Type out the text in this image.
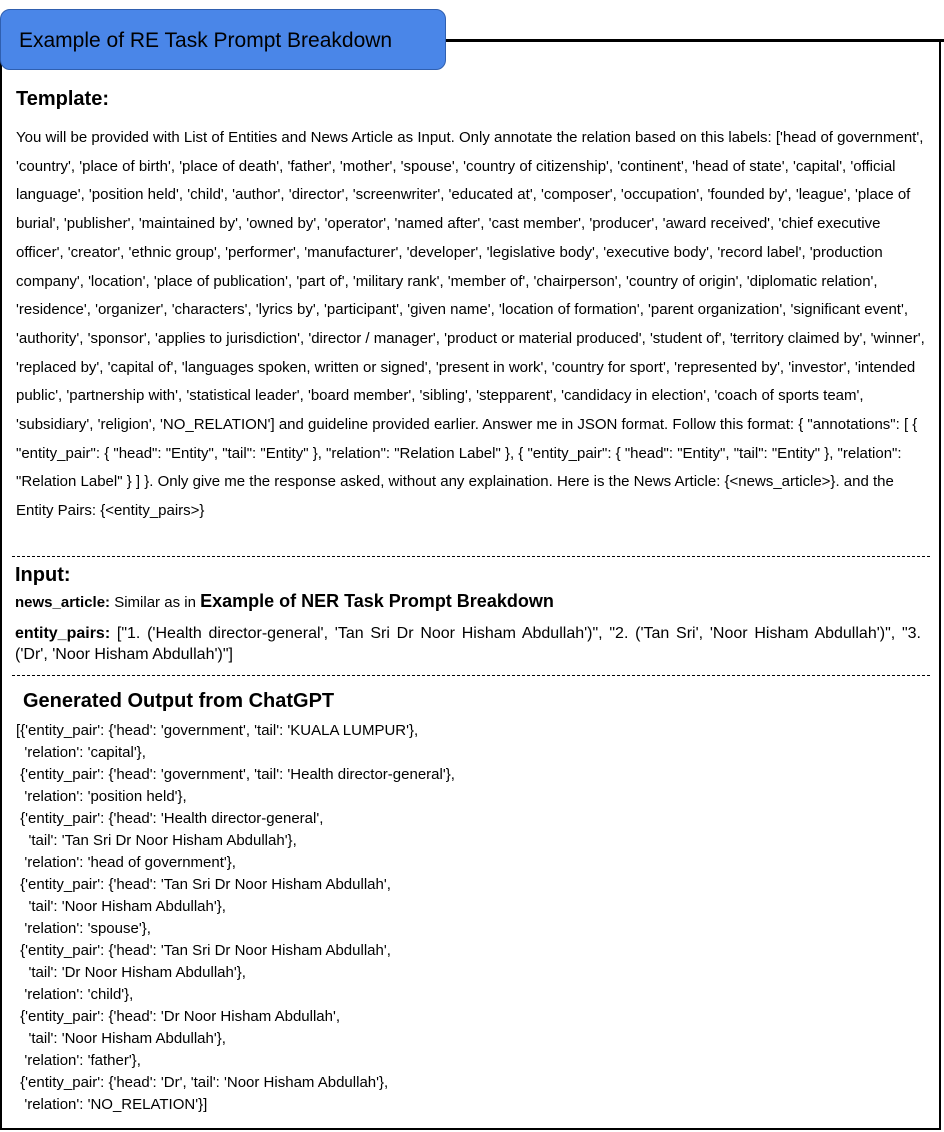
Example of RE Task Prompt Breakdown
Template:
You will be provided with List of Entities and News Article as Input. Only annotate the relation based on this labels: ['head of government', 'country', 'place of birth', 'place of death', 'father', 'mother', 'spouse', 'country of citizenship', 'continent', 'head of state', 'capital', 'official language', 'position held', 'child', 'author', 'director', 'screenwriter', 'educated at', 'composer', 'occupation', 'founded by', 'league', 'place of burial', 'publisher', 'maintained by', 'owned by', 'operator', 'named after', 'cast member', 'producer', 'award received', 'chief executive officer', 'creator', 'ethnic group', 'performer', 'manufacturer', 'developer', 'legislative body', 'executive body', 'record label', 'production company', 'location', 'place of publication', 'part of', 'military rank', 'member of', 'chairperson', 'country of origin', 'diplomatic relation', 'residence', 'organizer', 'characters', 'lyrics by', 'participant', 'given name', 'location of formation', 'parent organization', 'significant event', 'authority', 'sponsor', 'applies to jurisdiction', 'director / manager', 'product or material produced', 'student of', 'territory claimed by', 'winner', 'replaced by', 'capital of', 'languages spoken, written or signed', 'present in work', 'country for sport', 'represented by', 'investor', 'intended public', 'partnership with', 'statistical leader', 'board member', 'sibling', 'stepparent', 'candidacy in election', 'coach of sports team', 'subsidiary', 'religion', 'NO_RELATION'] and guideline provided earlier. Answer me in JSON format. Follow this format: { "annotations": [ { "entity_pair": { "head": "Entity", "tail": "Entity" }, "relation": "Relation Label" }, { "entity_pair": { "head": "Entity", "tail": "Entity" }, "relation": "Relation Label" } ] }. Only give me the response asked, without any explaination. Here is the News Article: {<news_article>}. and the Entity Pairs: {<entity_pairs>}
Input:
news_article: Similar as in Example of NER Task Prompt Breakdown
entity_pairs: ["1. ('Health director-general', 'Tan Sri Dr Noor Hisham Abdullah')", "2. ('Tan Sri', 'Noor Hisham Abdullah')", "3. ('Dr', 'Noor Hisham Abdullah')"]
Generated Output from ChatGPT
[{'entity_pair': {'head': 'government', 'tail': 'KUALA LUMPUR'},
'relation': 'capital'},
{'entity_pair': {'head': 'government', 'tail': 'Health director-general'},
'relation': 'position held'},
{'entity_pair': {'head': 'Health director-general',
'tail': 'Tan Sri Dr Noor Hisham Abdullah'},
'relation': 'head of government'},
{'entity_pair': {'head': 'Tan Sri Dr Noor Hisham Abdullah',
'tail': 'Noor Hisham Abdullah'},
'relation': 'spouse'},
{'entity_pair': {'head': 'Tan Sri Dr Noor Hisham Abdullah',
'tail': 'Dr Noor Hisham Abdullah'},
'relation': 'child'},
{'entity_pair': {'head': 'Dr Noor Hisham Abdullah',
'tail': 'Noor Hisham Abdullah'},
'relation': 'father'},
{'entity_pair': {'head': 'Dr', 'tail': 'Noor Hisham Abdullah'},
'relation': 'NO_RELATION'}]
